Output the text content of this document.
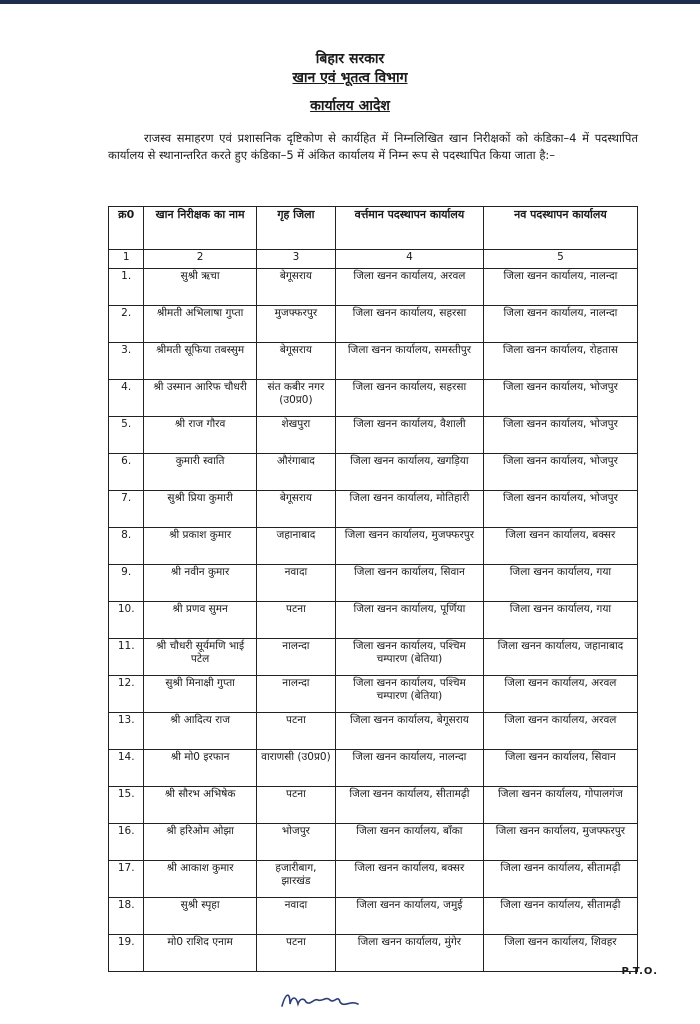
बिहार सरकार
खान एवं भूतत्व विभाग
कार्यालय आदेश
राजस्व समाहरण एवं प्रशासनिक दृष्टिकोण से कार्यहित में निम्नलिखित खान निरीक्षकों को कंडिका–4 में पदस्थापित कार्यालय से स्थानान्तरित करते हुए कंडिका–5 में अंकित कार्यालय में निम्न रूप से पदस्थापित किया जाता है:–
क्र0	खान निरीक्षक का नाम	गृह जिला	वर्त्तमान पदस्थापन कार्यालय	नव पदस्थापन कार्यालय
1	2	3	4	5
1.	सुश्री ऋचा	बेगूसराय	जिला खनन कार्यालय, अरवल	जिला खनन कार्यालय, नालन्दा
2.	श्रीमती अभिलाषा गुप्ता	मुजफ्फरपुर	जिला खनन कार्यालय, सहरसा	जिला खनन कार्यालय, नालन्दा
3.	श्रीमती सूफिया तबस्सुम	बेगूसराय	जिला खनन कार्यालय, समस्तीपुर	जिला खनन कार्यालय, रोहतास
4.	श्री उस्मान आरिफ चौधरी	संत कबीर नगर (उ0प्र0)	जिला खनन कार्यालय, सहरसा	जिला खनन कार्यालय, भोजपुर
5.	श्री राज गौरव	शेखपुरा	जिला खनन कार्यालय, वैशाली	जिला खनन कार्यालय, भोजपुर
6.	कुमारी स्वाति	औरंगाबाद	जिला खनन कार्यालय, खगड़िया	जिला खनन कार्यालय, भोजपुर
7.	सुश्री प्रिया कुमारी	बेगूसराय	जिला खनन कार्यालय, मोतिहारी	जिला खनन कार्यालय, भोजपुर
8.	श्री प्रकाश कुमार	जहानाबाद	जिला खनन कार्यालय, मुजफ्फरपुर	जिला खनन कार्यालय, बक्सर
9.	श्री नवीन कुमार	नवादा	जिला खनन कार्यालय, सिवान	जिला खनन कार्यालय, गया
10.	श्री प्रणव सुमन	पटना	जिला खनन कार्यालय, पूर्णिया	जिला खनन कार्यालय, गया
11.	श्री चौधरी सूर्यमणि भाई पटेल	नालन्दा	जिला खनन कार्यालय, पश्चिम चम्पारण (बेतिया)	जिला खनन कार्यालय, जहानाबाद
12.	सुश्री मिनाक्षी गुप्ता	नालन्दा	जिला खनन कार्यालय, पश्चिम चम्पारण (बेतिया)	जिला खनन कार्यालय, अरवल
13.	श्री आदित्य राज	पटना	जिला खनन कार्यालय, बेगूसराय	जिला खनन कार्यालय, अरवल
14.	श्री मो0 इरफान	वाराणसी (उ0प्र0)	जिला खनन कार्यालय, नालन्दा	जिला खनन कार्यालय, सिवान
15.	श्री सौरभ अभिषेक	पटना	जिला खनन कार्यालय, सीतामढ़ी	जिला खनन कार्यालय, गोपालगंज
16.	श्री हरिओम ओझा	भोजपुर	जिला खनन कार्यालय, बाँका	जिला खनन कार्यालय, मुजफ्फरपुर
17.	श्री आकाश कुमार	हजारीबाग, झारखंड	जिला खनन कार्यालय, बक्सर	जिला खनन कार्यालय, सीतामढ़ी
18.	सुश्री स्पृहा	नवादा	जिला खनन कार्यालय, जमुई	जिला खनन कार्यालय, सीतामढ़ी
19.	मो0 राशिद एनाम	पटना	जिला खनन कार्यालय, मुंगेर	जिला खनन कार्यालय, शिवहर
P.T.O.
